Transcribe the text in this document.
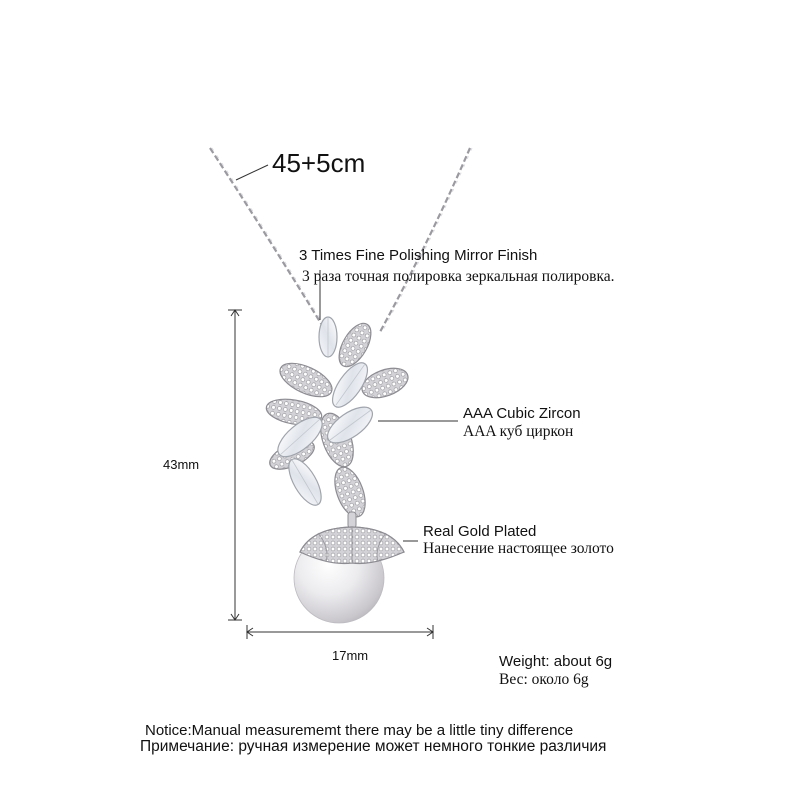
45+5cm
3 Times Fine Polishing Mirror Finish
3 раза точная полировка зеркальная полировка.
AAA Cubic Zircon
AAA куб циркон
Real Gold Plated
Нанесение настоящее золото
43mm
17mm	Weight: about 6g
Вес: около 6g
Notice:Manual measurememt there may be a little tiny difference
Примечание: ручная измерение может немного тонкие различия
